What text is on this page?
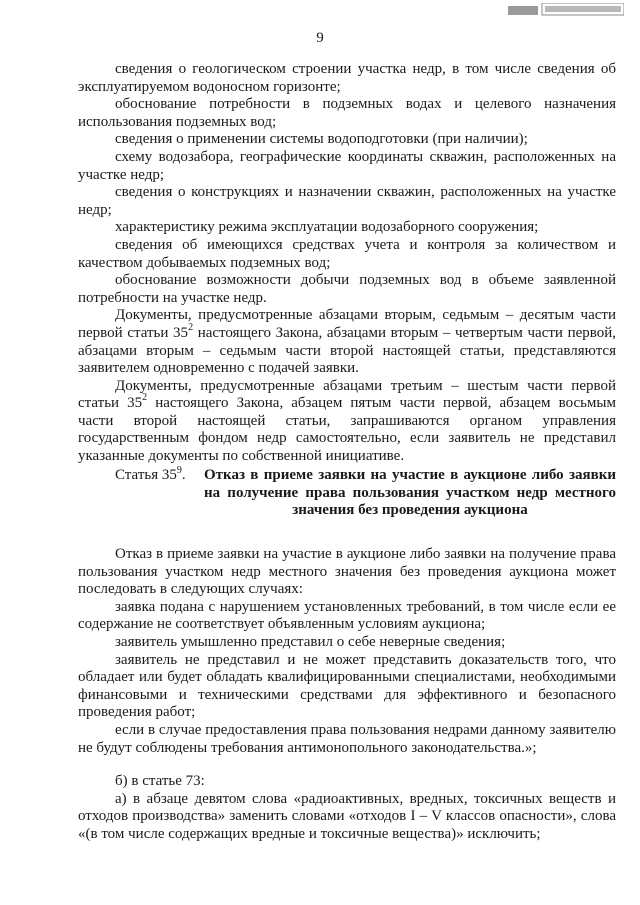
9

сведения о геологическом строении участка недр, в том числе сведения об эксплуатируемом водоносном горизонте;

обоснование потребности в подземных водах и целевого назначения использования подземных вод;

сведения о применении системы водоподготовки (при наличии);

схему водозабора, географические координаты скважин, расположенных на участке недр;

сведения о конструкциях и назначении скважин, расположенных на участке недр;

характеристику режима эксплуатации водозаборного сооружения;

сведения об имеющихся средствах учета и контроля за количеством и качеством добываемых подземных вод;

обоснование возможности добычи подземных вод в объеме заявленной потребности на участке недр.

Документы, предусмотренные абзацами вторым, седьмым – десятым части первой статьи $35^2$ настоящего Закона, абзацами вторым – четвертым части первой, абзацами вторым – седьмым части второй настоящей статьи, представляются заявителем одновременно с подачей заявки.

Документы, предусмотренные абзацами третьим – шестым части первой статьи $35^2$ настоящего Закона, абзацем пятым части первой, абзацем восьмым части второй настоящей статьи, запрашиваются органом управления государственным фондом недр самостоятельно, если заявитель не представил указанные документы по собственной инициативе.

Статья $35^9$. Отказ в приеме заявки на участие в аукционе либо заявки на получение права пользования участком недр местного значения без проведения аукциона

Отказ в приеме заявки на участие в аукционе либо заявки на получение права пользования участком недр местного значения без проведения аукциона может последовать в следующих случаях:

заявка подана с нарушением установленных требований, в том числе если ее содержание не соответствует объявленным условиям аукциона;

заявитель умышленно представил о себе неверные сведения;

заявитель не представил и не может представить доказательств того, что обладает или будет обладать квалифицированными специалистами, необходимыми финансовыми и техническими средствами для эффективного и безопасного проведения работ;

если в случае предоставления права пользования недрами данному заявителю не будут соблюдены требования антимонопольного законодательства.»;

б) в статье 73:

а) в абзаце девятом слова «радиоактивных, вредных, токсичных веществ и отходов производства» заменить словами «отходов I – V классов опасности», слова «(в том числе содержащих вредные и токсичные вещества)» исключить;
